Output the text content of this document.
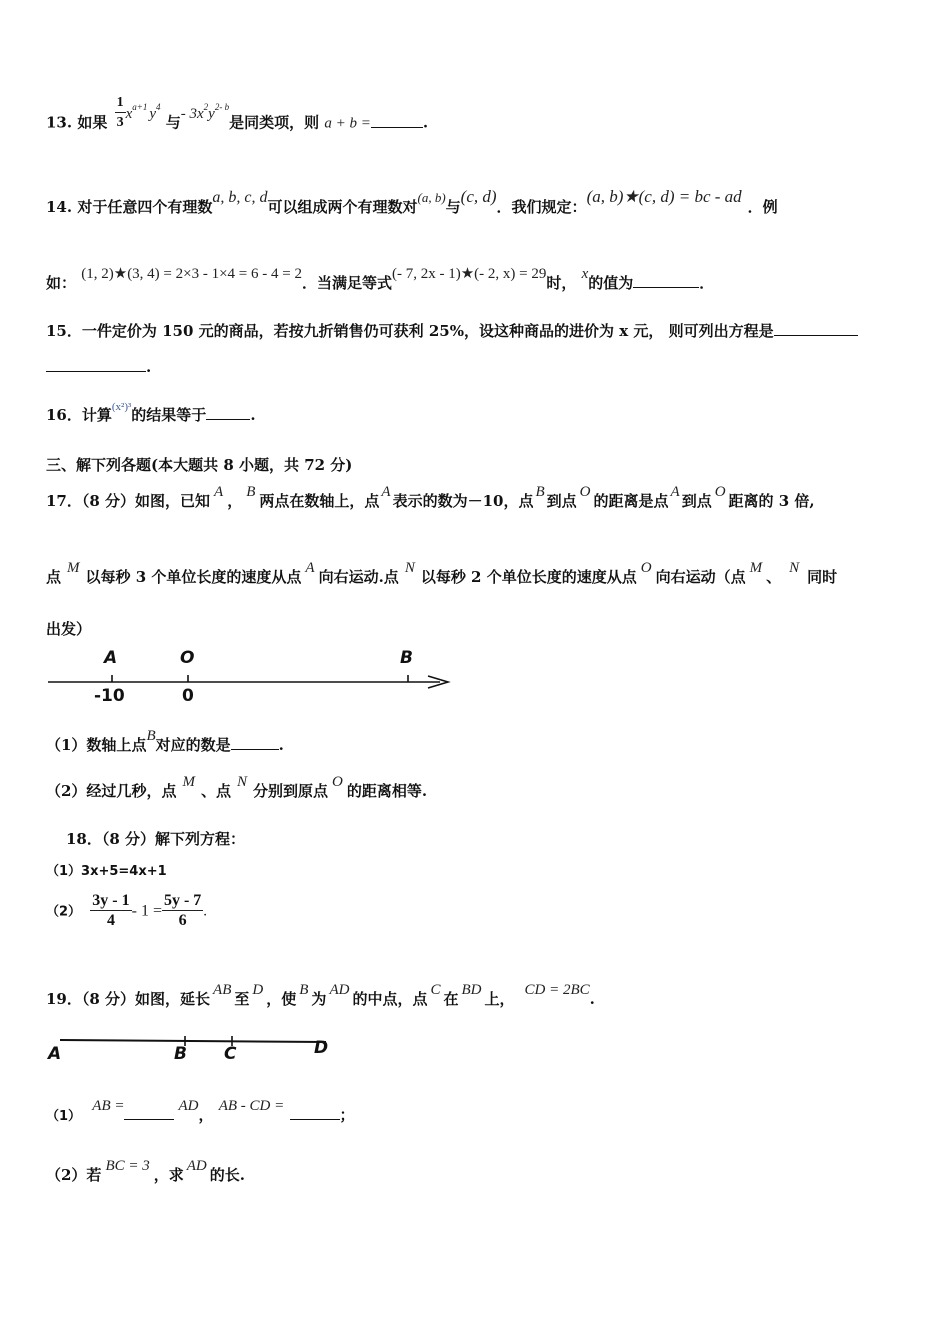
13. 如果 $\frac{1}{3} x^{a+1}$ $y^4$ 与- $3x^2y^{2- b}$是同类项，则 a + b =	.
14. 对于任意四个有理数a, b, c, d可以组成两个有理数对(a, b)与(c, d)．我们规定：(a, b)★(c, d) = bc - ad．例
如： (1, 2)★(3, 4) = 2×3 - 1×4 = 6 - 4 = 2．当满足等式(- 7, 2x - 1)★(- 2, x) = 29时， x的值为	．
15．一件定价为 150 元的商品，若按九折销售仍可获利 25%，设这种商品的进价为 x 元， 则可列出方程是
.
16．计算$^{(x^2)^3}$的结果等于	.
三、解下列各题(本大题共 8 小题，共 72 分)
17．（8 分）如图，已知 A ， B 两点在数轴上，点 A 表示的数为－10，点 B 到点 O 的距离是点 A 到点 O 距离的 3 倍,
点 M 以每秒 3 个单位长度的速度从点 A 向右运动.点 N 以每秒 2 个单位长度的速度从点 O 向右运动（点 M 、 N 同时
出发）
A	O	B
-10	0
（1）数轴上点B对应的数是	.
（2）经过几秒，点 M 、点 N 分别到原点 O 的距离相等.
18．（8 分）解下列方程：
（1）3x+5=4x+1
$(2) \frac{3y - 1}{4} - 1 = \frac{5y - 7}{6}$ .
19．（8 分）如图，延长 AB 至 D ，使 B 为 AD 的中点，点 C 在 BD 上， CD = 2BC.
A	B C	D
（1） AB =	AD， AB - CD =	；
（2）若 BC = 3 ，求 AD 的长.
